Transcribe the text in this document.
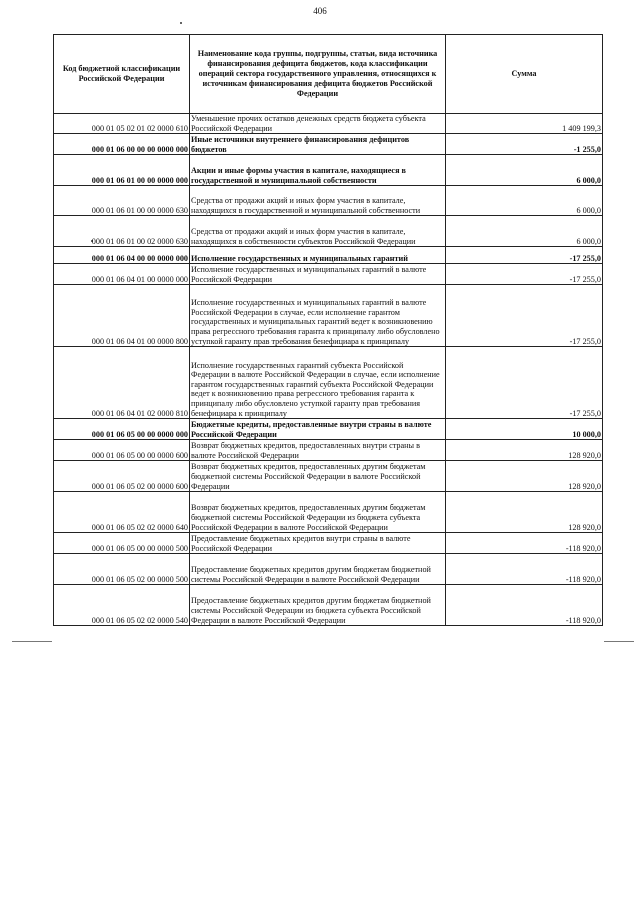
406
Код бюджетной классификации Российской Федерации	Наименование кода группы, подгруппы, статьи, вида источника финансирования дефицита бюджетов, кода классификации операций сектора государственного управления, относящихся к источникам финансирования дефицита бюджетов Российской Федерации	Сумма
000 01 05 02 01 02 0000 610	Уменьшение прочих остатков денежных средств бюджета субъекта Российской Федерации	1 409 199,3
000 01 06 00 00 00 0000 000	Иные источники внутреннего финансирования дефицитов бюджетов	-1 255,0
000 01 06 01 00 00 0000 000	Акции и иные формы участия в капитале, находящиеся в государственной и муниципальной собственности	6 000,0
000 01 06 01 00 00 0000 630	Средства от продажи акций и иных форм участия в капитале, находящихся в государственной и муниципальной собственности	6 000,0
000 01 06 01 00 02 0000 630	Средства от продажи акций и иных форм участия в капитале, находящихся в собственности субъектов Российской Федерации	6 000,0
000 01 06 04 00 00 0000 000	Исполнение государственных и муниципальных гарантий	-17 255,0
000 01 06 04 01 00 0000 000	Исполнение государственных и муниципальных гарантий в валюте Российской Федерации	-17 255,0
000 01 06 04 01 00 0000 800	Исполнение государственных и муниципальных гарантий в валюте Российской Федерации в случае, если исполнение гарантом государственных и муниципальных гарантий ведет к возникновению права регрессного требования гаранта к принципалу либо обусловлено уступкой гаранту прав требования бенефициара к принципалу	-17 255,0
000 01 06 04 01 02 0000 810	Исполнение государственных гарантий субъекта Российской Федерации в валюте Российской Федерации в случае, если исполнение гарантом государственных гарантий субъекта Российской Федерации ведет к возникновению права регрессного требования гаранта к принципалу либо обусловлено уступкой гаранту прав требования бенефициара к принципалу	-17 255,0
000 01 06 05 00 00 0000 000	Бюджетные кредиты, предоставленные внутри страны в валюте Российской Федерации	10 000,0
000 01 06 05 00 00 0000 600	Возврат бюджетных кредитов, предоставленных внутри страны в валюте Российской Федерации	128 920,0
000 01 06 05 02 00 0000 600	Возврат бюджетных кредитов, предоставленных другим бюджетам бюджетной системы Российской Федерации в валюте Российской Федерации	128 920,0
000 01 06 05 02 02 0000 640	Возврат бюджетных кредитов, предоставленных другим бюджетам бюджетной системы Российской Федерации из бюджета субъекта Российской Федерации в валюте Российской Федерации	128 920,0
000 01 06 05 00 00 0000 500	Предоставление бюджетных кредитов внутри страны в валюте Российской Федерации	-118 920,0
000 01 06 05 02 00 0000 500	Предоставление бюджетных кредитов другим бюджетам бюджетной системы Российской Федерации в валюте Российской Федерации	-118 920,0
000 01 06 05 02 02 0000 540	Предоставление бюджетных кредитов другим бюджетам бюджетной системы Российской Федерации из бюджета субъекта Российской Федерации в валюте Российской Федерации	-118 920,0
